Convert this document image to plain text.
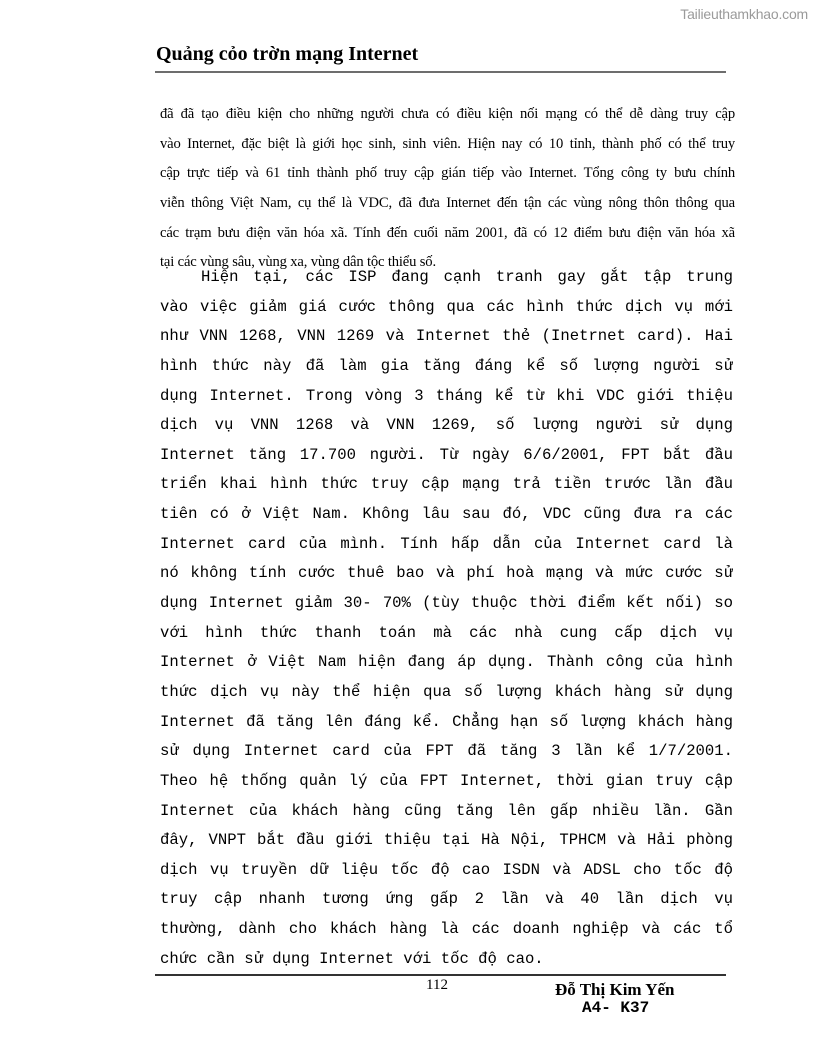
Tailieuthamkhao.com
Quảng cỏo trờn mạng Internet
đã đã tạo điều kiện cho những người chưa có điều kiện nối mạng có thể dễ dàng truy cập
vào Internet, đặc biệt là giới học sinh, sinh viên. Hiện nay có 10 tỉnh, thành phố có thể truy
cập trực tiếp và 61 tỉnh thành phố truy cập gián tiếp vào Internet. Tổng công ty bưu chính
viễn thông Việt Nam, cụ thể là VDC, đã đưa Internet đến tận các vùng nông thôn thông qua
các trạm bưu điện văn hóa xã. Tính đến cuối năm 2001, đã có 12 điểm bưu điện văn hóa xã
tại các vùng sâu, vùng xa, vùng dân tộc thiểu số.
Hiện tại, các ISP đang cạnh tranh gay gắt tập trung
vào việc giảm giá cước thông qua các hình thức dịch vụ mới
như VNN 1268, VNN 1269 và Internet thẻ (Inetrnet card). Hai
hình thức này đã làm gia tăng đáng kể số lượng người sử
dụng Internet. Trong vòng 3 tháng kể từ khi VDC giới thiệu
dịch vụ VNN 1268 và VNN 1269, số lượng người sử dụng
Internet tăng 17.700 người. Từ ngày 6/6/2001, FPT bắt đầu
triển khai hình thức truy cập mạng trả tiền trước lần đầu
tiên có ở Việt Nam. Không lâu sau đó, VDC cũng đưa ra các
Internet card của mình. Tính hấp dẫn của Internet card là
nó không tính cước thuê bao và phí hoà mạng và mức cước sử
dụng Internet giảm 30- 70% (tùy thuộc thời điểm kết nối) so
với hình thức thanh toán mà các nhà cung cấp dịch vụ
Internet ở Việt Nam hiện đang áp dụng. Thành công của hình
thức dịch vụ này thể hiện qua số lượng khách hàng sử dụng
Internet đã tăng lên đáng kể. Chẳng hạn số lượng khách hàng
sử dụng Internet card của FPT đã tăng 3 lần kể 1/7/2001.
Theo hệ thống quản lý của FPT Internet, thời gian truy cập
Internet của khách hàng cũng tăng lên gấp nhiều lần. Gần
đây, VNPT bắt đầu giới thiệu tại Hà Nội, TPHCM và Hải phòng
dịch vụ truyền dữ liệu tốc độ cao ISDN và ADSL cho tốc độ
truy cập nhanh tương ứng gấp 2 lần và 40 lần dịch vụ
thường, dành cho khách hàng là các doanh nghiệp và các tổ
chức cần sử dụng Internet với tốc độ cao.
112	Đỗ Thị Kim Yến
A4- K37
